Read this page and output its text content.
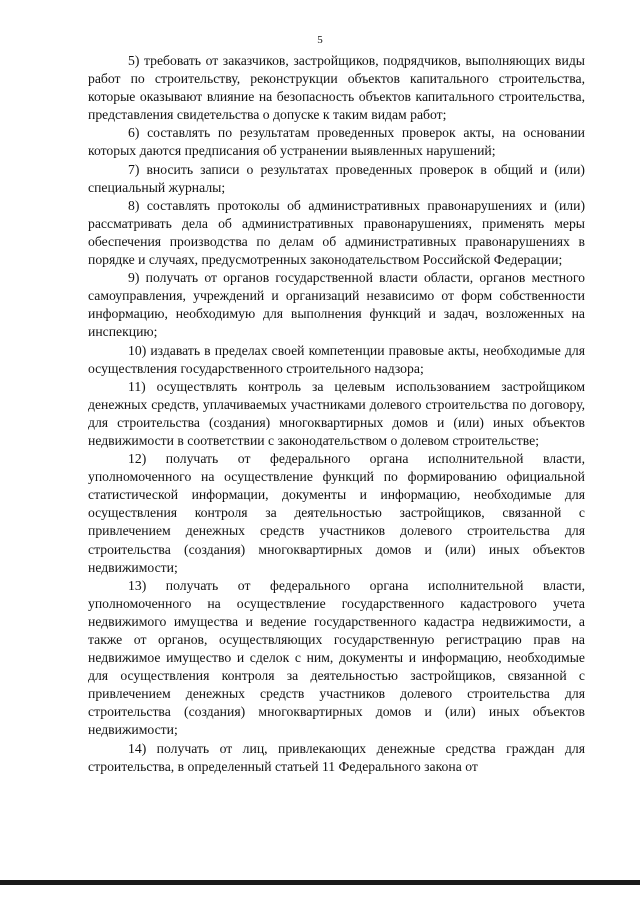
5

5) требовать от заказчиков, застройщиков, подрядчиков, выполняющих виды работ по строительству, реконструкции объектов капитального строительства, которые оказывают влияние на безопасность объектов капитального строительства, представления свидетельства о допуске к таким видам работ;

6) составлять по результатам проведенных проверок акты, на основании которых даются предписания об устранении выявленных нарушений;

7) вносить записи о результатах проведенных проверок в общий и (или) специальный журналы;

8) составлять протоколы об административных правонарушениях и (или) рассматривать дела об административных правонарушениях, применять меры обеспечения производства по делам об административных правонарушениях в порядке и случаях, предусмотренных законодательством Российской Федерации;

9) получать от органов государственной власти области, органов местного самоуправления, учреждений и организаций независимо от форм собственности информацию, необходимую для выполнения функций и задач, возложенных на инспекцию;

10) издавать в пределах своей компетенции правовые акты, необходимые для осуществления государственного строительного надзора;

11) осуществлять контроль за целевым использованием застройщиком денежных средств, уплачиваемых участниками долевого строительства по договору, для строительства (создания) многоквартирных домов и (или) иных объектов недвижимости в соответствии с законодательством о долевом строительстве;

12) получать от федерального органа исполнительной власти, уполномоченного на осуществление функций по формированию официальной статистической информации, документы и информацию, необходимые для осуществления контроля за деятельностью застройщиков, связанной с привлечением денежных средств участников долевого строительства для строительства (создания) многоквартирных домов и (или) иных объектов недвижимости;

13) получать от федерального органа исполнительной власти, уполномоченного на осуществление государственного кадастрового учета недвижимого имущества и ведение государственного кадастра недвижимости, а также от органов, осуществляющих государственную регистрацию прав на недвижимое имущество и сделок с ним, документы и информацию, необходимые для осуществления контроля за деятельностью застройщиков, связанной с привлечением денежных средств участников долевого строительства для строительства (создания) многоквартирных домов и (или) иных объектов недвижимости;

14) получать от лиц, привлекающих денежные средства граждан для строительства, в определенный статьей 11 Федерального закона от
